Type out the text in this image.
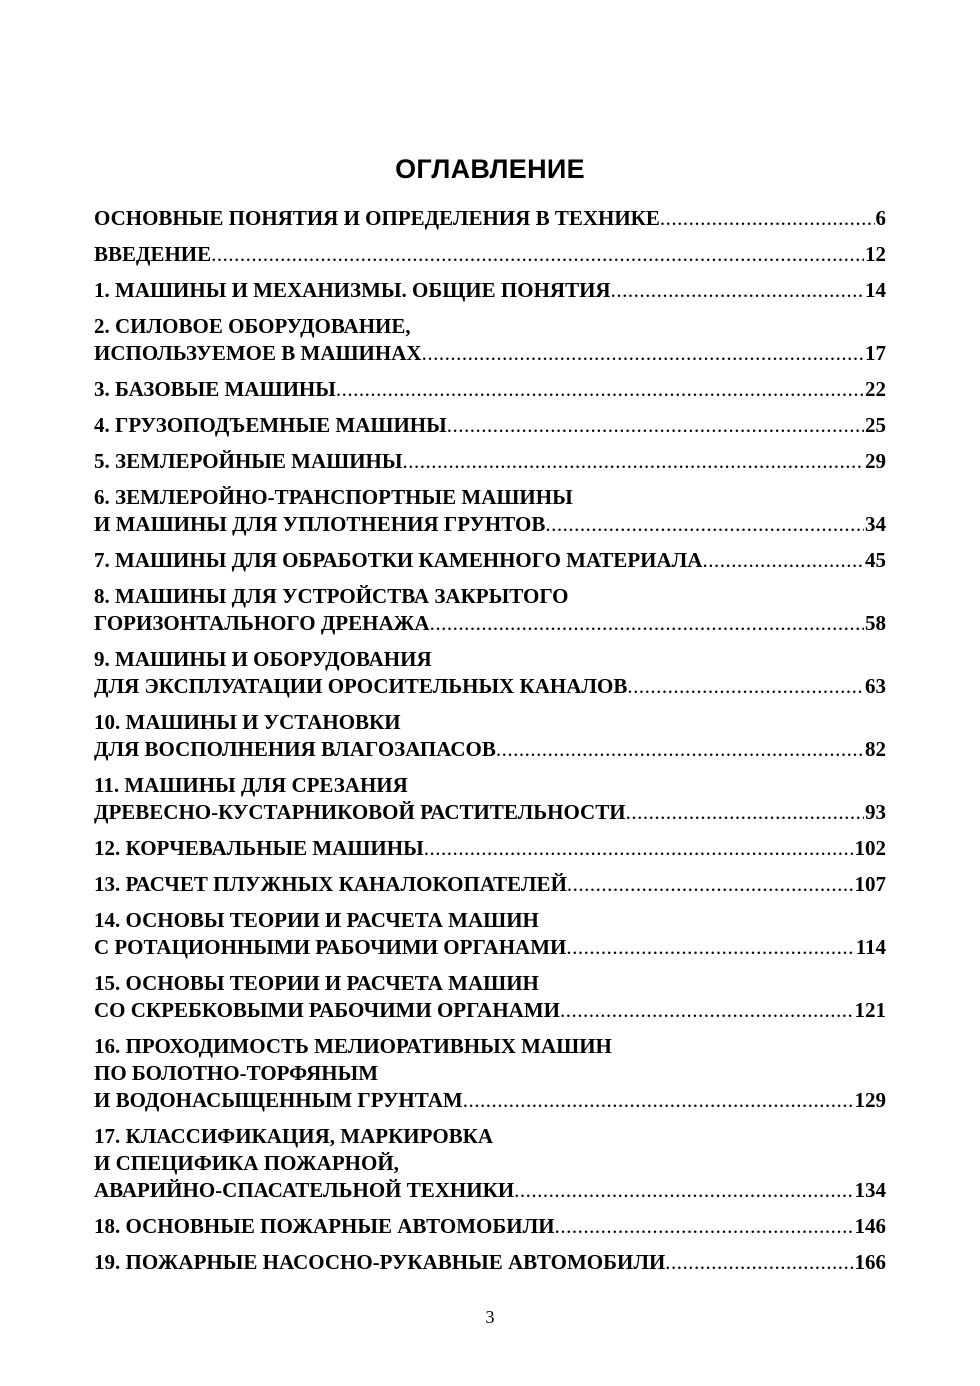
ОГЛАВЛЕНИЕ
ОСНОВНЫЕ ПОНЯТИЯ И ОПРЕДЕЛЕНИЯ В ТЕХНИКЕ .....	6
ВВЕДЕНИЕ .....	12
1. МАШИНЫ И МЕХАНИЗМЫ. ОБЩИЕ ПОНЯТИЯ .....	14
2. СИЛОВОЕ ОБОРУДОВАНИЕ,
ИСПОЛЬЗУЕМОЕ В МАШИНАХ .....	17
3. БАЗОВЫЕ МАШИНЫ .....	22
4. ГРУЗОПОДЪЕМНЫЕ МАШИНЫ .....	25
5. ЗЕМЛЕРОЙНЫЕ МАШИНЫ .....	29
6. ЗЕМЛЕРОЙНО-ТРАНСПОРТНЫЕ МАШИНЫ
И МАШИНЫ ДЛЯ УПЛОТНЕНИЯ ГРУНТОВ .....	34
7. МАШИНЫ ДЛЯ ОБРАБОТКИ КАМЕННОГО МАТЕРИАЛА .....	45
8. МАШИНЫ ДЛЯ УСТРОЙСТВА ЗАКРЫТОГО
ГОРИЗОНТАЛЬНОГО ДРЕНАЖА .....	58
9. МАШИНЫ И ОБОРУДОВАНИЯ
ДЛЯ ЭКСПЛУАТАЦИИ ОРОСИТЕЛЬНЫХ КАНАЛОВ .....	63
10. МАШИНЫ И УСТАНОВКИ
ДЛЯ ВОСПОЛНЕНИЯ ВЛАГОЗАПАСОВ .....	82
11. МАШИНЫ ДЛЯ СРЕЗАНИЯ
ДРЕВЕСНО-КУСТАРНИКОВОЙ РАСТИТЕЛЬНОСТИ .....	93
12. КОРЧЕВАЛЬНЫЕ МАШИНЫ .....	102
13. РАСЧЕТ ПЛУЖНЫХ КАНАЛОКОПАТЕЛЕЙ .....	107
14. ОСНОВЫ ТЕОРИИ И РАСЧЕТА МАШИН
С РОТАЦИОННЫМИ РАБОЧИМИ ОРГАНАМИ .....	114
15. ОСНОВЫ ТЕОРИИ И РАСЧЕТА МАШИН
СО СКРЕБКОВЫМИ РАБОЧИМИ ОРГАНАМИ .....	121
16. ПРОХОДИМОСТЬ МЕЛИОРАТИВНЫХ МАШИН
ПО БОЛОТНО-ТОРФЯНЫМ
И ВОДОНАСЫЩЕННЫМ ГРУНТАМ .....	129
17. КЛАССИФИКАЦИЯ, МАРКИРОВКА
И СПЕЦИФИКА ПОЖАРНОЙ,
АВАРИЙНО-СПАСАТЕЛЬНОЙ ТЕХНИКИ .....	134
18. ОСНОВНЫЕ ПОЖАРНЫЕ АВТОМОБИЛИ .....	146
19. ПОЖАРНЫЕ НАСОСНО-РУКАВНЫЕ АВТОМОБИЛИ .....	166
3
